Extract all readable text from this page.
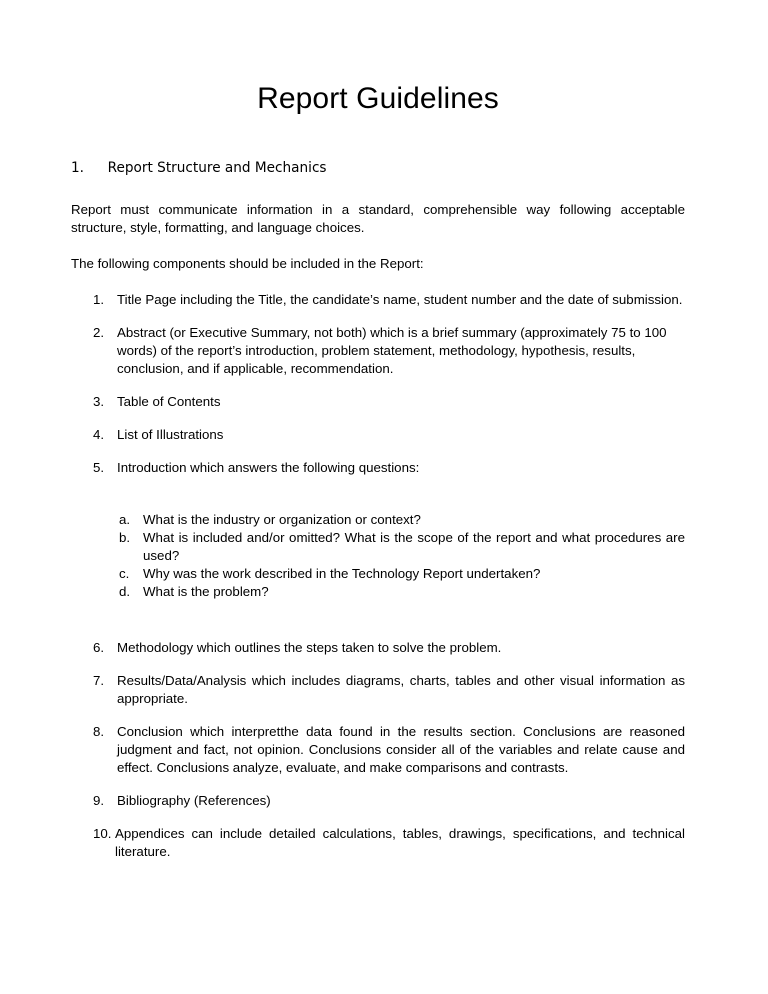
Report Guidelines
1.	Report Structure and Mechanics

Report must communicate information in a standard, comprehensible way following acceptable structure, style, formatting, and language choices.

The following components should be included in the Report:

1. Title Page including the Title, the candidate’s name, student number and the date of submission.
2. Abstract (or Executive Summary, not both) which is a brief summary (approximately 75 to 100 words) of the report’s introduction, problem statement, methodology, hypothesis, results, conclusion, and if applicable, recommendation.
3. Table of Contents
4. List of Illustrations
5. Introduction which answers the following questions:
a. What is the industry or organization or context?
b. What is included and/or omitted? What is the scope of the report and what procedures are used?
c.	Why was the work described in the Technology Report undertaken?
d. What is the problem?
6. Methodology which outlines the steps taken to solve the problem.
7. Results/Data/Analysis which includes diagrams, charts, tables and other visual information as appropriate.
8. Conclusion which interpretthe data found in the results section. Conclusions are reasoned judgment and fact, not opinion. Conclusions consider all of the variables and relate cause and effect. Conclusions analyze, evaluate, and make comparisons and contrasts.
9. Bibliography (References)
10. Appendices can include detailed calculations, tables, drawings, specifications, and technical literature.
